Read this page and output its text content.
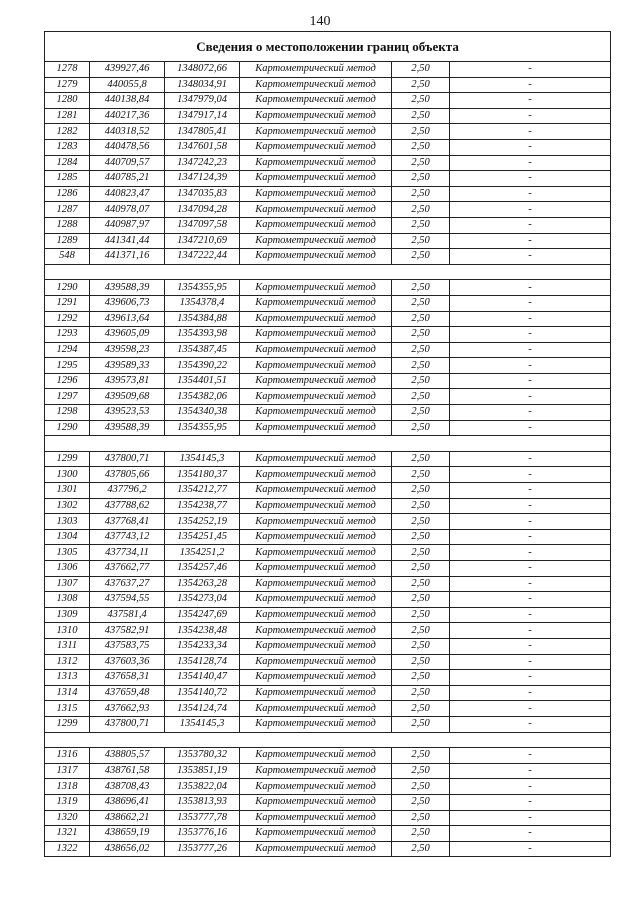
140
Сведения о местоположении границ объекта					
1278	439927,46	1348072,66	Картометрический метод	2,50	-
1279	440055,8	1348034,91	Картометрический метод	2,50	-
1280	440138,84	1347979,04	Картометрический метод	2,50	-
1281	440217,36	1347917,14	Картометрический метод	2,50	-
1282	440318,52	1347805,41	Картометрический метод	2,50	-
1283	440478,56	1347601,58	Картометрический метод	2,50	-
1284	440709,57	1347242,23	Картометрический метод	2,50	-
1285	440785,21	1347124,39	Картометрический метод	2,50	-
1286	440823,47	1347035,83	Картометрический метод	2,50	-
1287	440978,07	1347094,28	Картометрический метод	2,50	-
1288	440987,97	1347097,58	Картометрический метод	2,50	-
1289	441341,44	1347210,69	Картометрический метод	2,50	-
548	441371,16	1347222,44	Картометрический метод	2,50	-

1290	439588,39	1354355,95	Картометрический метод	2,50	-
1291	439606,73	1354378,4	Картометрический метод	2,50	-
1292	439613,64	1354384,88	Картометрический метод	2,50	-
1293	439605,09	1354393,98	Картометрический метод	2,50	-
1294	439598,23	1354387,45	Картометрический метод	2,50	-
1295	439589,33	1354390,22	Картометрический метод	2,50	-
1296	439573,81	1354401,51	Картометрический метод	2,50	-
1297	439509,68	1354382,06	Картометрический метод	2,50	-
1298	439523,53	1354340,38	Картометрический метод	2,50	-
1290	439588,39	1354355,95	Картометрический метод	2,50	-

1299	437800,71	1354145,3	Картометрический метод	2,50	-
1300	437805,66	1354180,37	Картометрический метод	2,50	-
1301	437796,2	1354212,77	Картометрический метод	2,50	-
1302	437788,62	1354238,77	Картометрический метод	2,50	-
1303	437768,41	1354252,19	Картометрический метод	2,50	-
1304	437743,12	1354251,45	Картометрический метод	2,50	-
1305	437734,11	1354251,2	Картометрический метод	2,50	-
1306	437662,77	1354257,46	Картометрический метод	2,50	-
1307	437637,27	1354263,28	Картометрический метод	2,50	-
1308	437594,55	1354273,04	Картометрический метод	2,50	-
1309	437581,4	1354247,69	Картометрический метод	2,50	-
1310	437582,91	1354238,48	Картометрический метод	2,50	-
1311	437583,75	1354233,34	Картометрический метод	2,50	-
1312	437603,36	1354128,74	Картометрический метод	2,50	-
1313	437658,31	1354140,47	Картометрический метод	2,50	-
1314	437659,48	1354140,72	Картометрический метод	2,50	-
1315	437662,93	1354124,74	Картометрический метод	2,50	-
1299	437800,71	1354145,3	Картометрический метод	2,50	-

1316	438805,57	1353780,32	Картометрический метод	2,50	-
1317	438761,58	1353851,19	Картометрический метод	2,50	-
1318	438708,43	1353822,04	Картометрический метод	2,50	-
1319	438696,41	1353813,93	Картометрический метод	2,50	-
1320	438662,21	1353777,78	Картометрический метод	2,50	-
1321	438659,19	1353776,16	Картометрический метод	2,50	-
1322	438656,02	1353777,26	Картометрический метод	2,50	-
